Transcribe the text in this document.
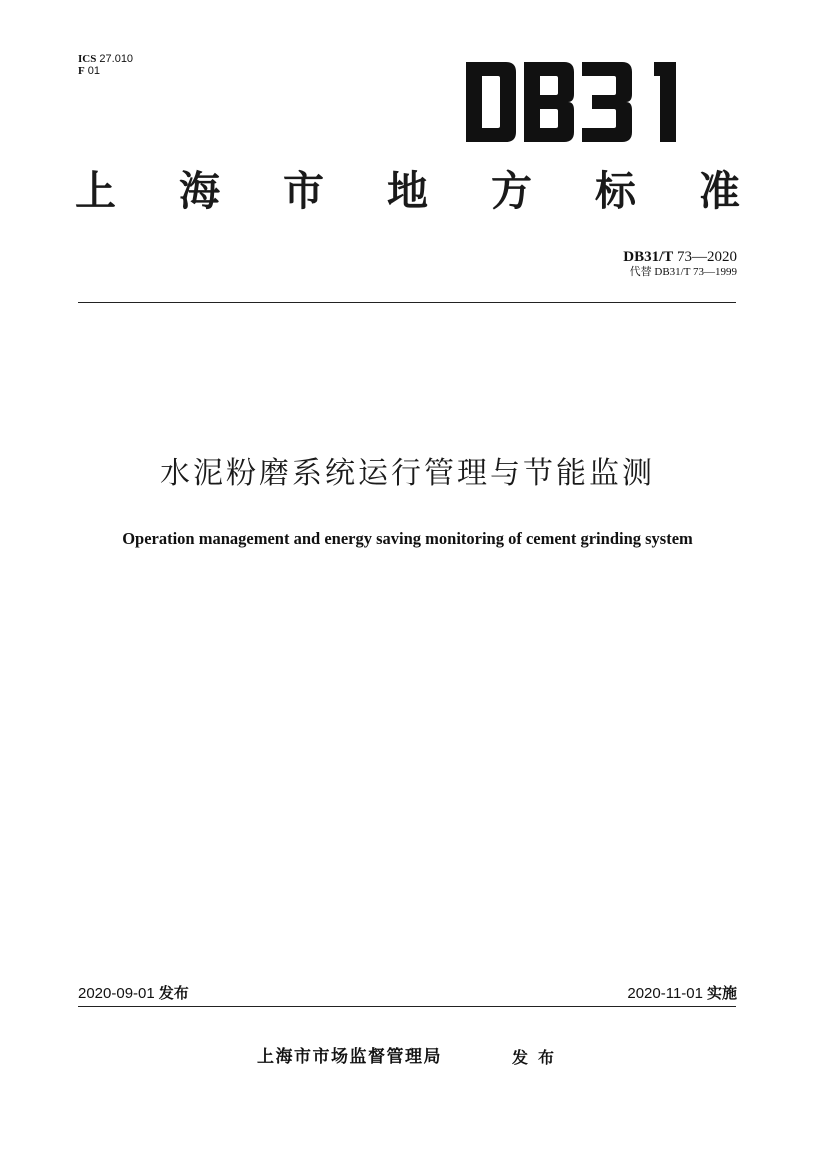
ICS 27.010
F 01
上 海 市 地 方 标 准
DB31/T 73—2020
代替 DB31/T 73—1999
水泥粉磨系统运行管理与节能监测
Operation management and energy saving monitoring of cement grinding system
2020-09-01 发布	2020-11-01 实施
上海市市场监督管理局	发布
